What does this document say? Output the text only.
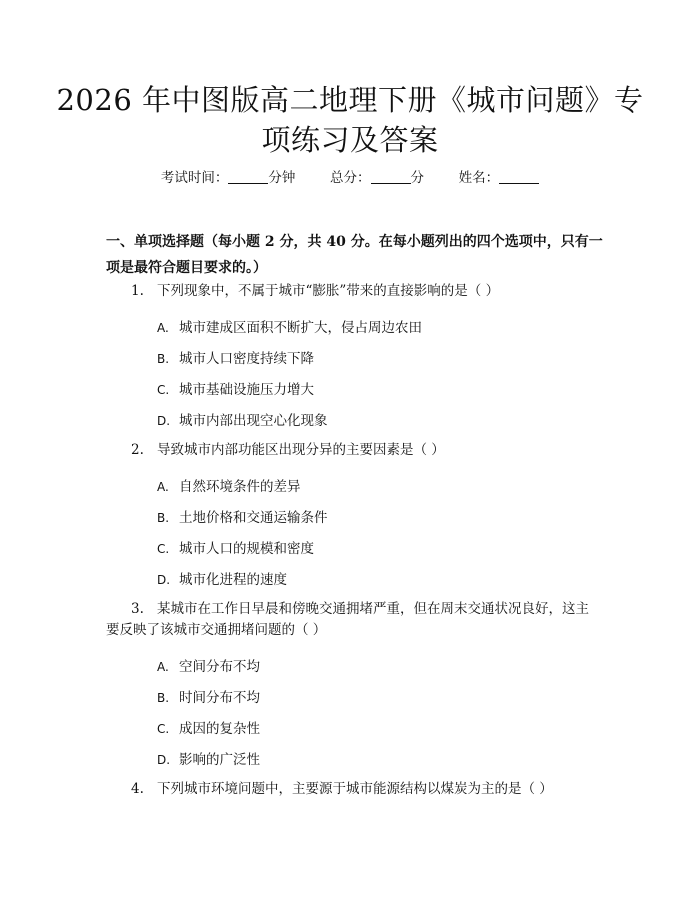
2026 年中图版高二地理下册《城市问题》专
项练习及答案
考试时间：	分钟	总分：	分	姓名：
一、单项选择题（每小题 2 分，共 40 分。在每小题列出的四个选项中，只有一项是最符合题目要求的。）
1. 下列现象中，不属于城市“膨胀”带来的直接影响的是（ ）
A. 城市建成区面积不断扩大，侵占周边农田
B. 城市人口密度持续下降
C. 城市基础设施压力增大
D. 城市内部出现空心化现象
2. 导致城市内部功能区出现分异的主要因素是（ ）
A. 自然环境条件的差异
B. 土地价格和交通运输条件
C. 城市人口的规模和密度
D. 城市化进程的速度
3. 某城市在工作日早晨和傍晚交通拥堵严重，但在周末交通状况良好，这主
要反映了该城市交通拥堵问题的（ ）
A. 空间分布不均
B. 时间分布不均
C. 成因的复杂性
D. 影响的广泛性
4. 下列城市环境问题中，主要源于城市能源结构以煤炭为主的是（ ）
